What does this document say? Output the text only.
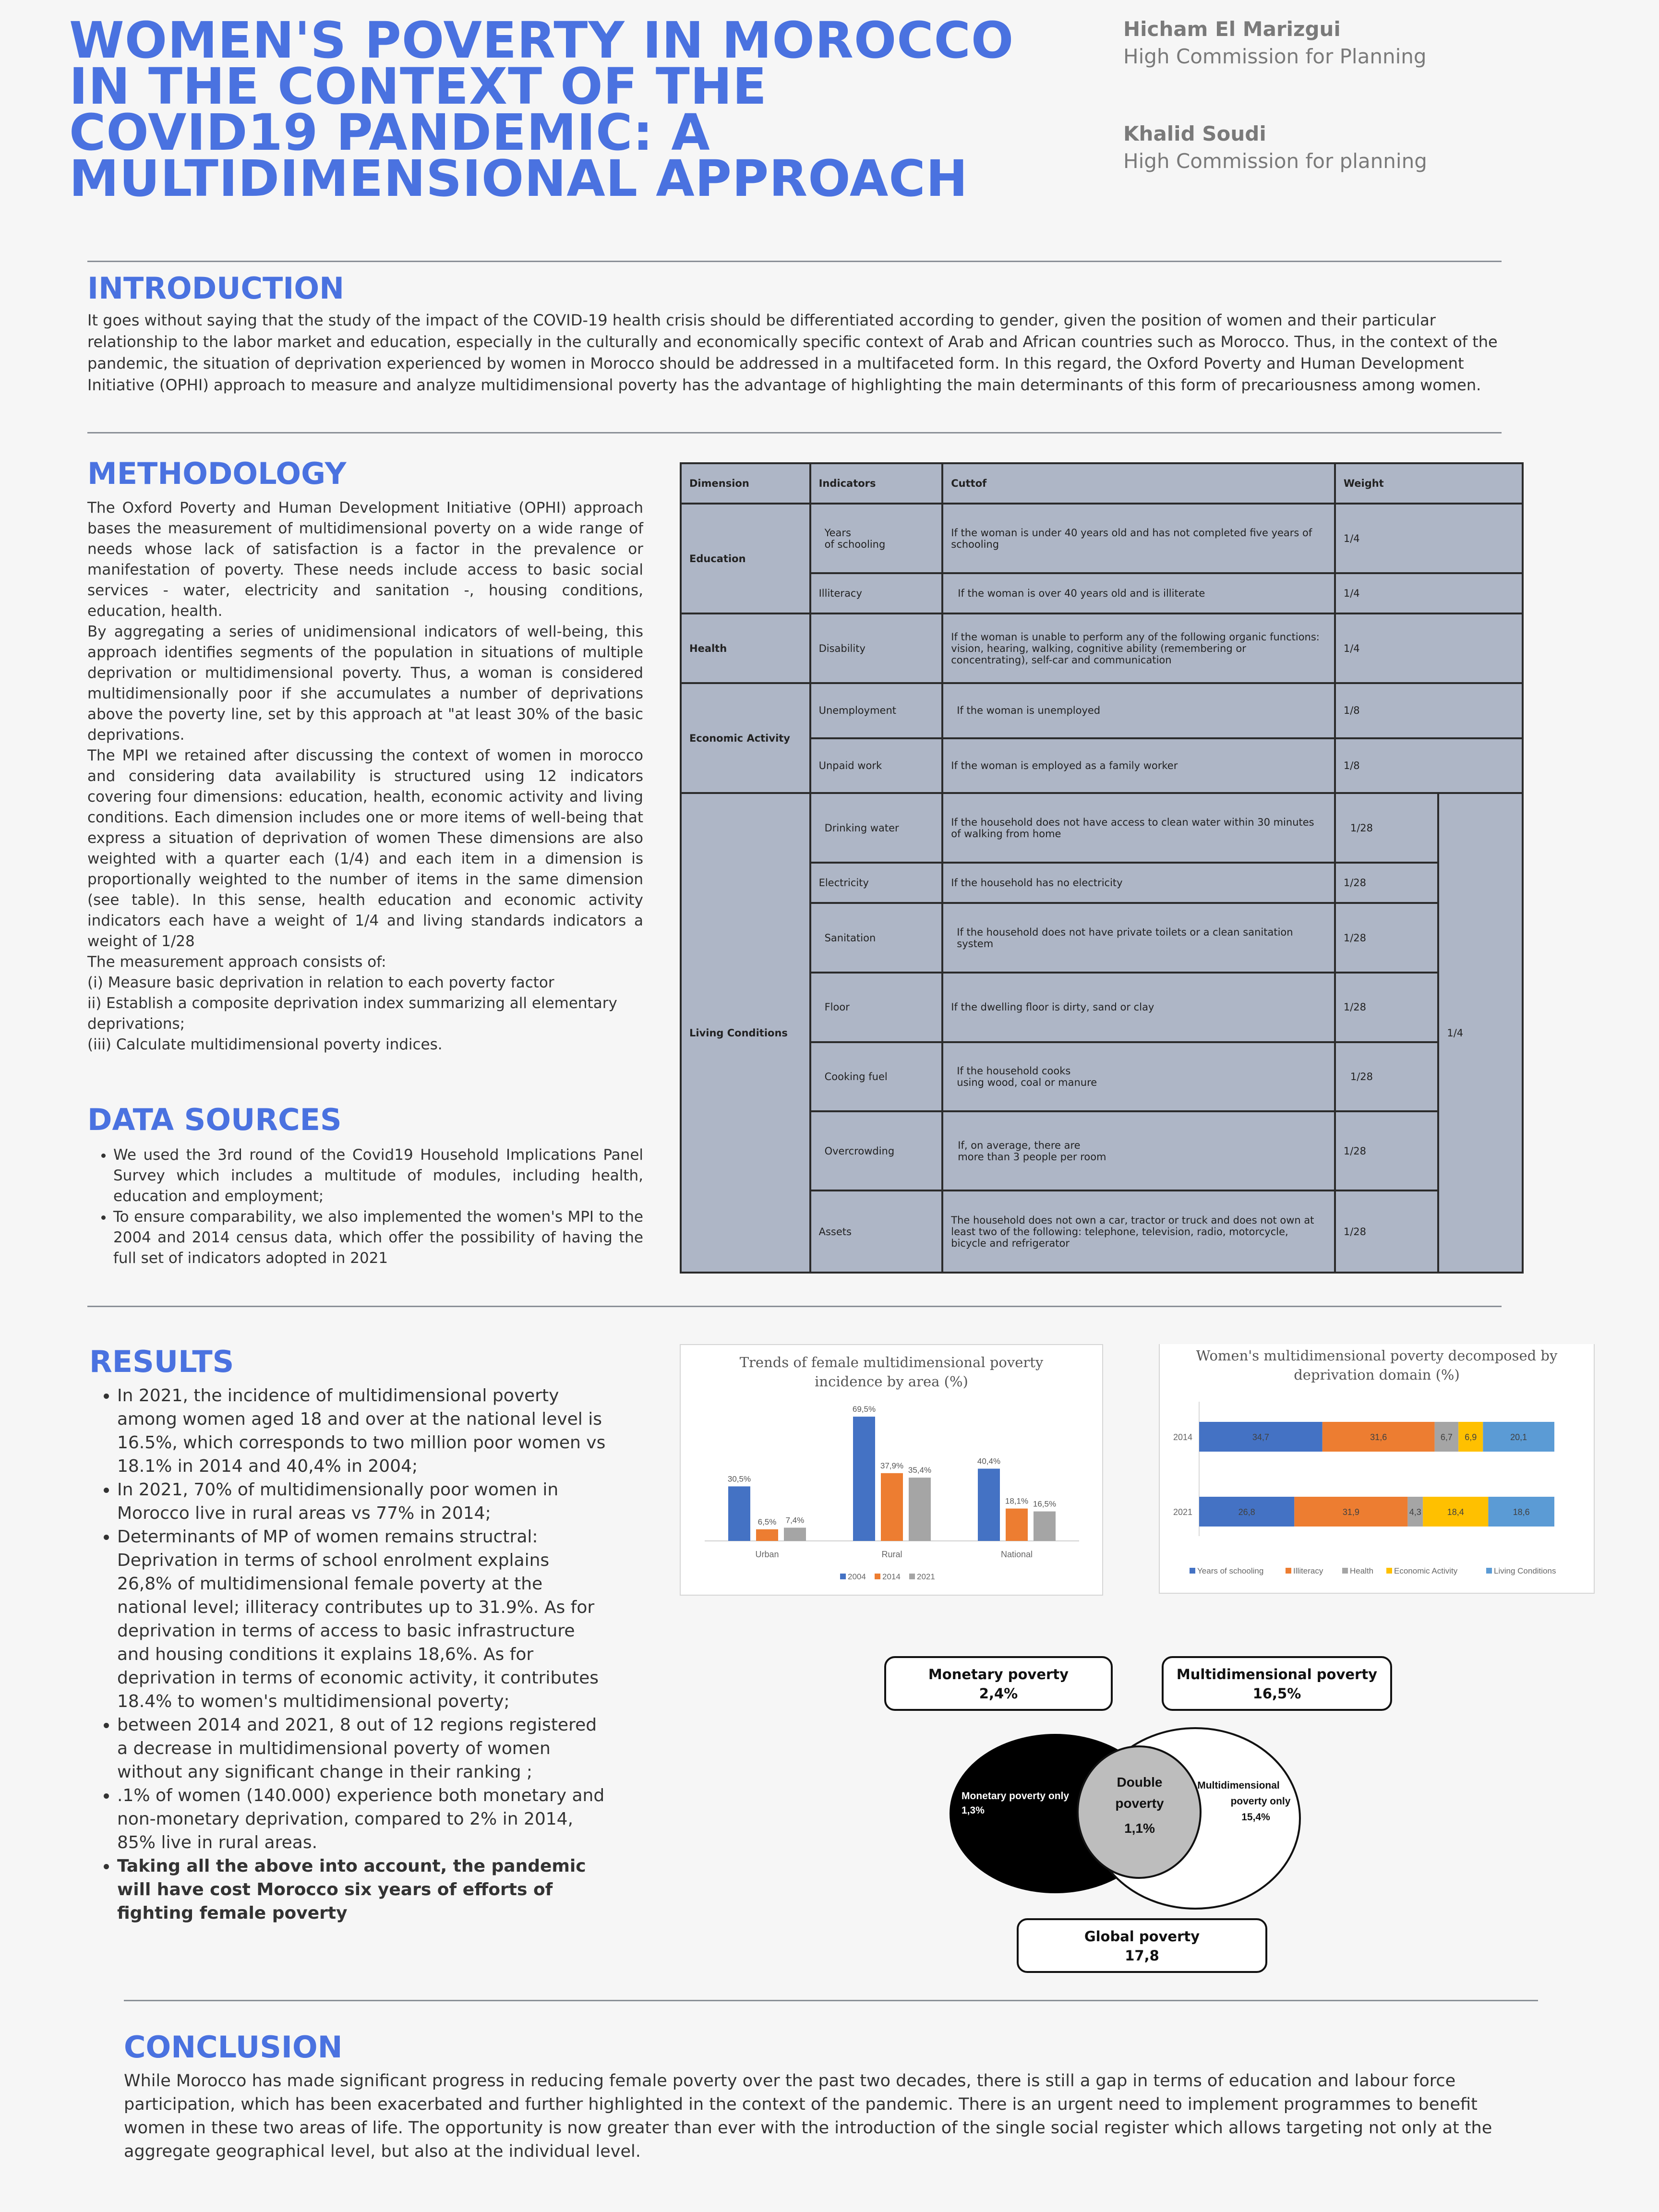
WOMEN'S POVERTY IN MOROCCO IN THE CONTEXT OF THE COVID19 PANDEMIC: A MULTIDIMENSIONAL APPROACH
Hicham El Marizgui
High Commission for Planning
Khalid Soudi
High Commission for planning
INTRODUCTION
It goes without saying that the study of the impact of the COVID-19 health crisis should be differentiated according to gender, given the position of women and their particular relationship to the labor market and education, especially in the culturally and economically specific context of Arab and African countries such as Morocco. Thus, in the context of the pandemic, the situation of deprivation experienced by women in Morocco should be addressed in a multifaceted form. In this regard, the Oxford Poverty and Human Development Initiative (OPHI) approach to measure and analyze multidimensional poverty has the advantage of highlighting the main determinants of this form of precariousness among women.
METHODOLOGY
The Oxford Poverty and Human Development Initiative (OPHI) approach bases the measurement of multidimensional poverty on a wide range of needs whose lack of satisfaction is a factor in the prevalence or manifestation of poverty. These needs include access to basic social services - water, electricity and sanitation -, housing conditions, education, health.
By aggregating a series of unidimensional indicators of well-being, this approach identifies segments of the population in situations of multiple deprivation or multidimensional poverty. Thus, a woman is considered multidimensionally poor if she accumulates a number of deprivations above the poverty line, set by this approach at "at least 30% of the basic deprivations.
The MPI we retained after discussing the context of women in morocco and considering data availability is structured using 12 indicators covering four dimensions: education, health, economic activity and living conditions. Each dimension includes one or more items of well-being that express a situation of deprivation of women These dimensions are also weighted with a quarter each (1/4) and each item in a dimension is proportionally weighted to the number of items in the same dimension (see table). In this sense, health education and economic activity indicators each have a weight of 1/4 and living standards indicators a weight of 1/28
The measurement approach consists of:
(i) Measure basic deprivation in relation to each poverty factor
ii) Establish a composite deprivation index summarizing all elementary deprivations;
(iii) Calculate multidimensional poverty indices.
DATA SOURCES
• We used the 3rd round of the Covid19 Household Implications Panel Survey which includes a multitude of modules, including health, education and employment;
• To ensure comparability, we also implemented the women's MPI to the 2004 and 2014 census data, which offer the possibility of having the full set of indicators adopted in 2021
Dimension	Indicators	Cuttof	Weight	
Education	Years
of schooling	If the woman is under 40 years old and has not completed five years of schooling	1/4	
	Illiteracy	If the woman is over 40 years old and is illiterate	1/4	
Health	Disability	If the woman is unable to perform any of the following organic functions: vision, hearing, walking, cognitive ability (remembering or concentrating), self-car and communication	1/4	
Economic Activity	Unemployment	If the woman is unemployed	1/8	
	Unpaid work	If the woman is employed as a family worker	1/8	
Living Conditions	Drinking water	If the household does not have access to clean water within 30 minutes of walking from home	1/28	1/4
	Electricity	If the household has no electricity	1/28	
	Sanitation	If the household does not have private toilets or a clean sanitation system	1/28	
	Floor	If the dwelling floor is dirty, sand or clay	1/28	
	Cooking fuel	If the household cooks
using wood, coal or manure	1/28	
	Overcrowding	If, on average, there are
more than 3 people per room	1/28	
	Assets	The household does not own a car, tractor or truck and does not own at least two of the following: telephone, television, radio, motorcycle, bicycle and refrigerator	1/28	
RESULTS
• In 2021, the incidence of multidimensional poverty among women aged 18 and over at the national level is 16.5%, which corresponds to two million poor women vs 18.1% in 2014 and 40,4% in 2004;
• In 2021, 70% of multidimensionally poor women in Morocco live in rural areas vs 77% in 2014;
• Determinants of MP of women remains structral: Deprivation in terms of school enrolment explains 26,8% of multidimensional female poverty at the national level; illiteracy contributes up to 31.9%. As for deprivation in terms of access to basic infrastructure and housing conditions it explains 18,6%. As for deprivation in terms of economic activity, it contributes 18.4% to women's multidimensional poverty;
• between 2014 and 2021, 8 out of 12 regions registered a decrease in multidimensional poverty of women without any significant change in their ranking ;
• .1% of women (140.000) experience both monetary and non-monetary deprivation, compared to 2% in 2014, 85% live in rural areas.
• Taking all the above into account, the pandemic will have cost Morocco six years of efforts of fighting female poverty
Trends of female multidimensional poverty incidence by area (%)
30,5%
6,5% 7,4%
Urban
69,5%
37,9% 35,4%
Rural
40,4%
18,1% 16,5%
National
2004 2014 2021
Women's multidimensional poverty decomposed by deprivation domain (%)
2014	34,7	31,6	6,7 6,9	20,1
2021	26,8	31,9	4,3	18,4	18,6
Years of schooling	Illiteracy	Health	Economic Activity	Living Conditions
Monetary poverty
2,4%
Multidimensional poverty
16,5%
Monetary poverty only
1,3%
Double
poverty
1,1%
Multidimensional
poverty only
15,4%
Global poverty
17,8
CONCLUSION
While Morocco has made significant progress in reducing female poverty over the past two decades, there is still a gap in terms of education and labour force participation, which has been exacerbated and further highlighted in the context of the pandemic. There is an urgent need to implement programmes to benefit women in these two areas of life. The opportunity is now greater than ever with the introduction of the single social register which allows targeting not only at the aggregate geographical level, but also at the individual level.
